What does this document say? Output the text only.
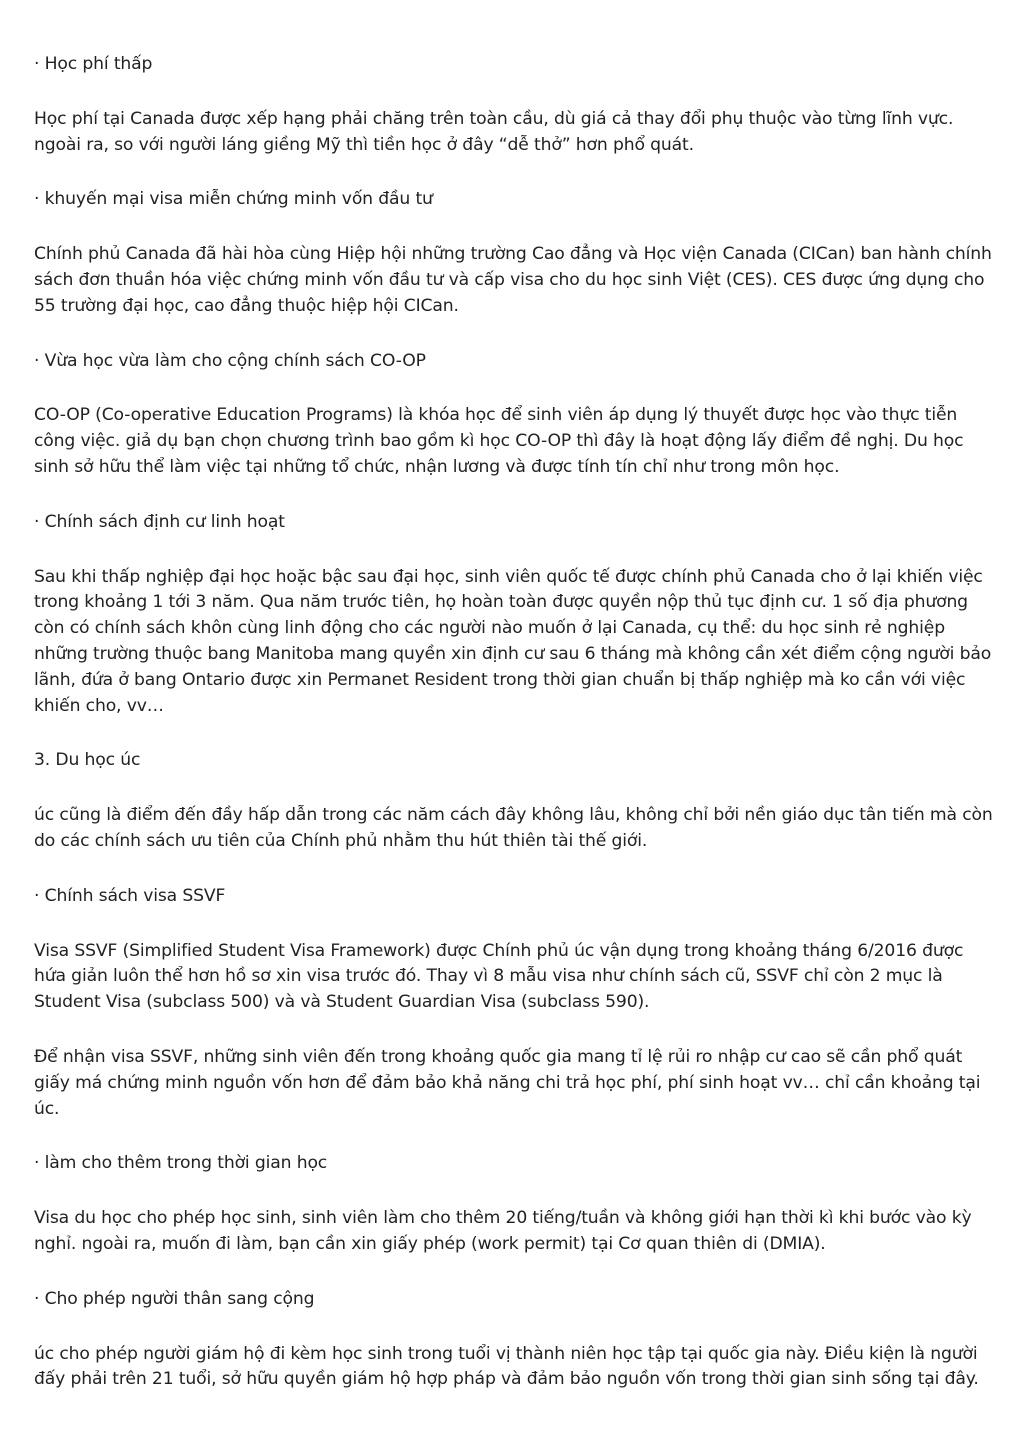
· Học phí thấp

Học phí tại Canada được xếp hạng phải chăng trên toàn cầu, dù giá cả thay đổi phụ thuộc vào từng lĩnh vực. ngoài ra, so với người láng giềng Mỹ thì tiền học ở đây “dễ thở” hơn phổ quát.

· khuyến mại visa miễn chứng minh vốn đầu tư

Chính phủ Canada đã hài hòa cùng Hiệp hội những trường Cao đẳng và Học viện Canada (CICan) ban hành chính sách đơn thuần hóa việc chứng minh vốn đầu tư và cấp visa cho du học sinh Việt (CES). CES được ứng dụng cho 55 trường đại học, cao đẳng thuộc hiệp hội CICan.

· Vừa học vừa làm cho cộng chính sách CO-OP

CO-OP (Co-operative Education Programs) là khóa học để sinh viên áp dụng lý thuyết được học vào thực tiễn công việc. giả dụ bạn chọn chương trình bao gồm kì học CO-OP thì đây là hoạt động lấy điểm đề nghị. Du học sinh sở hữu thể làm việc tại những tổ chức, nhận lương và được tính tín chỉ như trong môn học.

· Chính sách định cư linh hoạt

Sau khi thấp nghiệp đại học hoặc bậc sau đại học, sinh viên quốc tế được chính phủ Canada cho ở lại khiến việc trong khoảng 1 tới 3 năm. Qua năm trước tiên, họ hoàn toàn được quyền nộp thủ tục định cư. 1 số địa phương còn có chính sách khôn cùng linh động cho các người nào muốn ở lại Canada, cụ thể: du học sinh rẻ nghiệp những trường thuộc bang Manitoba mang quyền xin định cư sau 6 tháng mà không cần xét điểm cộng người bảo lãnh, đứa ở bang Ontario được xin Permanet Resident trong thời gian chuẩn bị thấp nghiệp mà ko cần với việc khiến cho, vv…

3. Du học úc

úc cũng là điểm đến đầy hấp dẫn trong các năm cách đây không lâu, không chỉ bởi nền giáo dục tân tiến mà còn do các chính sách ưu tiên của Chính phủ nhằm thu hút thiên tài thế giới.

· Chính sách visa SSVF

Visa SSVF (Simplified Student Visa Framework) được Chính phủ úc vận dụng trong khoảng tháng 6/2016 được hứa giản luôn thể hơn hồ sơ xin visa trước đó. Thay vì 8 mẫu visa như chính sách cũ, SSVF chỉ còn 2 mục là Student Visa (subclass 500) và và Student Guardian Visa (subclass 590).

Để nhận visa SSVF, những sinh viên đến trong khoảng quốc gia mang tỉ lệ rủi ro nhập cư cao sẽ cần phổ quát giấy má chứng minh nguồn vốn hơn để đảm bảo khả năng chi trả học phí, phí sinh hoạt vv… chỉ cần khoảng tại úc.

· làm cho thêm trong thời gian học

Visa du học cho phép học sinh, sinh viên làm cho thêm 20 tiếng/tuần và không giới hạn thời kì khi bước vào kỳ nghỉ. ngoài ra, muốn đi làm, bạn cần xin giấy phép (work permit) tại Cơ quan thiên di (DMIA).

· Cho phép người thân sang cộng

úc cho phép người giám hộ đi kèm học sinh trong tuổi vị thành niên học tập tại quốc gia này. Điều kiện là người đấy phải trên 21 tuổi, sở hữu quyền giám hộ hợp pháp và đảm bảo nguồn vốn trong thời gian sinh sống tại đây.
